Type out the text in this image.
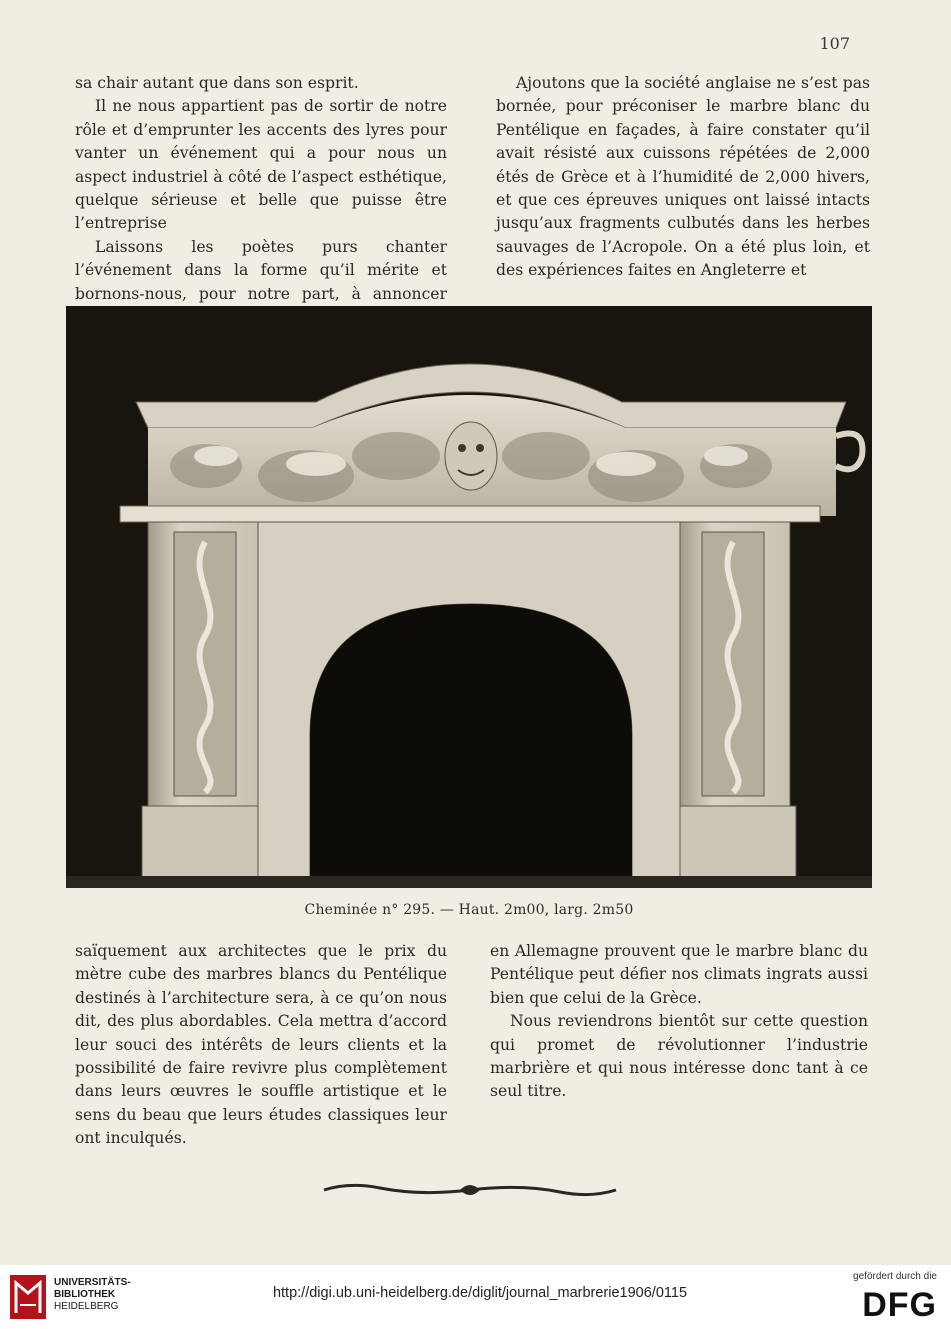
107

sa chair autant que dans son esprit.

Il ne nous appartient pas de sortir de notre rôle et d’emprunter les accents des lyres pour vanter un événement qui a pour nous un aspect industriel à côté de l’aspect esthétique, quelque sérieuse et belle que puisse être l’entreprise

Laissons les poètes purs chanter l’événement dans la forme qu’il mérite et bornons-nous, pour notre part, à annoncer

Ajoutons que la société anglaise ne s’est pas bornée, pour préconiser le marbre blanc du Pentélique en façades, à faire constater qu’il avait résisté aux cuissons répétées de 2,000 étés de Grèce et à l’humidité de 2,000 hivers, et que ces épreuves uniques ont laissé intacts jusqu’aux fragments culbutés dans les herbes sauvages de l’Acropole. On a été plus loin, et des expériences faites en Angleterre et

Cheminée n° 295. — Haut. 2m00, larg. 2m50

saïquement aux architectes que le prix du mètre cube des marbres blancs du Pentélique destinés à l’architecture sera, à ce qu’on nous dit, des plus abordables. Cela mettra d’accord leur souci des intérêts de leurs clients et la possibilité de faire revivre plus complètement dans leurs œuvres le souffle artistique et le sens du beau que leurs études classiques leur ont inculqués.

en Allemagne prouvent que le marbre blanc du Pentélique peut défier nos climats ingrats aussi bien que celui de la Grèce.

Nous reviendrons bientôt sur cette question qui promet de révolutionner l’industrie marbrière et qui nous intéresse donc tant à ce seul titre.

UNIVERSITÄTS-
BIBLIOTHEK
HEIDELBERG
http://digi.ub.uni-heidelberg.de/diglit/journal_marbrerie1906/0115
gefördert durch die
DFG
